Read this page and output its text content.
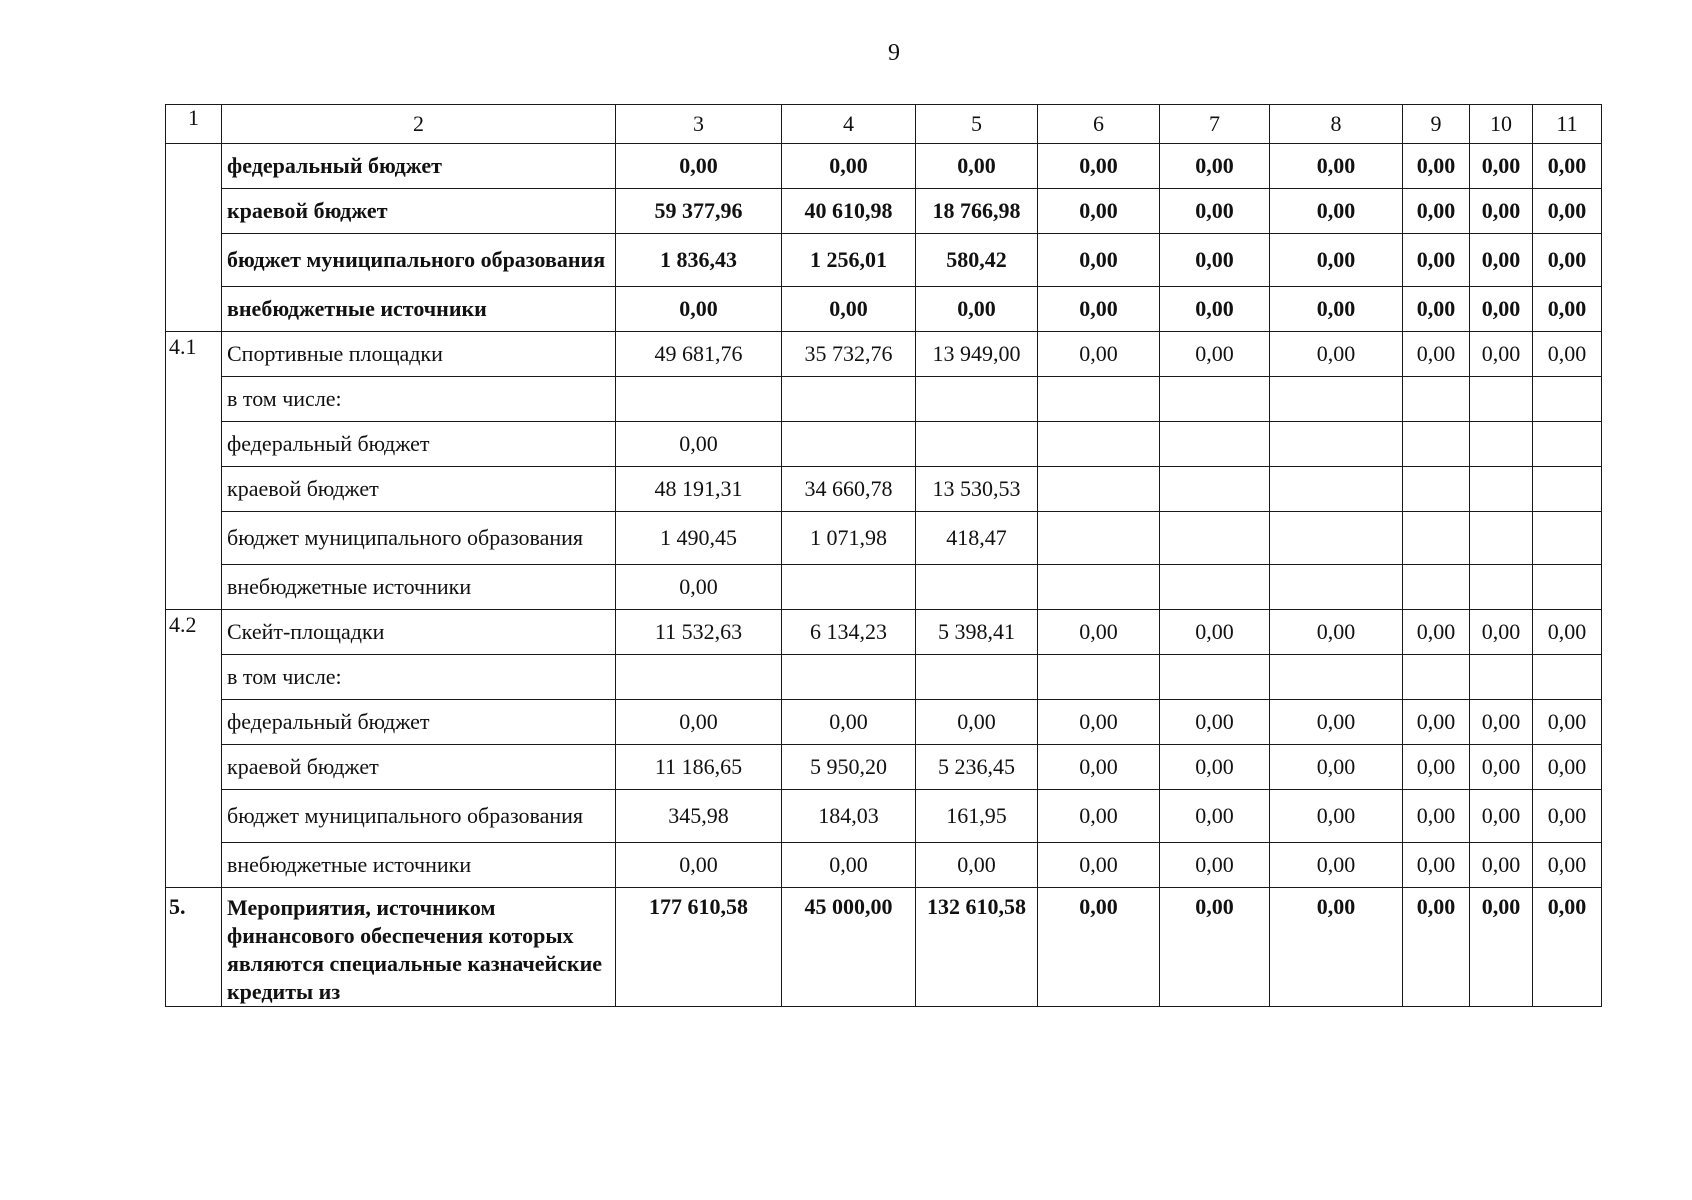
9
1	2	3	4	5	6	7	8	9	10	11
	федеральный бюджет	0,00	0,00	0,00	0,00	0,00	0,00	0,00	0,00	0,00
	краевой бюджет	59 377,96	40 610,98	18 766,98	0,00	0,00	0,00	0,00	0,00	0,00
	бюджет муниципального образования	1 836,43	1 256,01	580,42	0,00	0,00	0,00	0,00	0,00	0,00
	внебюджетные источники	0,00	0,00	0,00	0,00	0,00	0,00	0,00	0,00	0,00
4.1	Спортивные площадки	49 681,76	35 732,76	13 949,00	0,00	0,00	0,00	0,00	0,00	0,00
	в том числе:									
	федеральный бюджет	0,00								
	краевой бюджет	48 191,31	34 660,78	13 530,53						
	бюджет муниципального образования	1 490,45	1 071,98	418,47						
	внебюджетные источники	0,00								
4.2	Скейт-площадки	11 532,63	6 134,23	5 398,41	0,00	0,00	0,00	0,00	0,00	0,00
	в том числе:									
	федеральный бюджет	0,00	0,00	0,00	0,00	0,00	0,00	0,00	0,00	0,00
	краевой бюджет	11 186,65	5 950,20	5 236,45	0,00	0,00	0,00	0,00	0,00	0,00
	бюджет муниципального образования	345,98	184,03	161,95	0,00	0,00	0,00	0,00	0,00	0,00
	внебюджетные источники	0,00	0,00	0,00	0,00	0,00	0,00	0,00	0,00	0,00
5.	Мероприятия, источником финансового обеспечения которых являются специальные казначейские кредиты из	177 610,58	45 000,00	132 610,58	0,00	0,00	0,00	0,00	0,00	0,00
